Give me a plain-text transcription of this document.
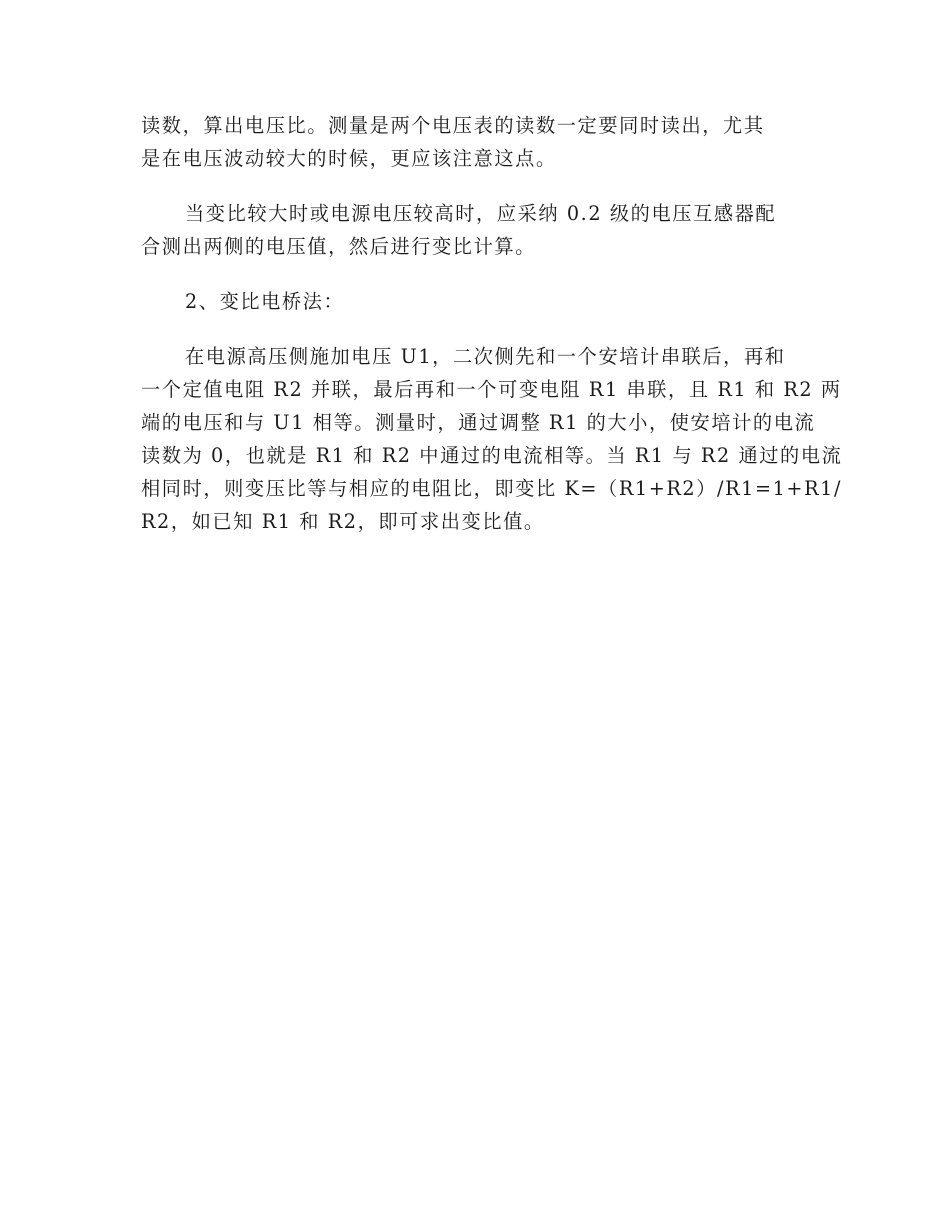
读数，算出电压比。测量是两个电压表的读数一定要同时读出，尤其
是在电压波动较大的时候，更应该注意这点。
当变比较大时或电源电压较高时，应采纳 0.2 级的电压互感器配
合测出两侧的电压值，然后进行变比计算。
2、变比电桥法：
在电源高压侧施加电压 U1，二次侧先和一个安培计串联后，再和
一个定值电阻 R2 并联，最后再和一个可变电阻 R1 串联，且 R1 和 R2 两
端的电压和与 U1 相等。测量时，通过调整 R1 的大小，使安培计的电流
读数为 0，也就是 R1 和 R2 中通过的电流相等。当 R1 与 R2 通过的电流
相同时，则变压比等与相应的电阻比，即变比 K=（R1+R2）/R1=1+R1/
R2，如已知 R1 和 R2，即可求出变比值。
